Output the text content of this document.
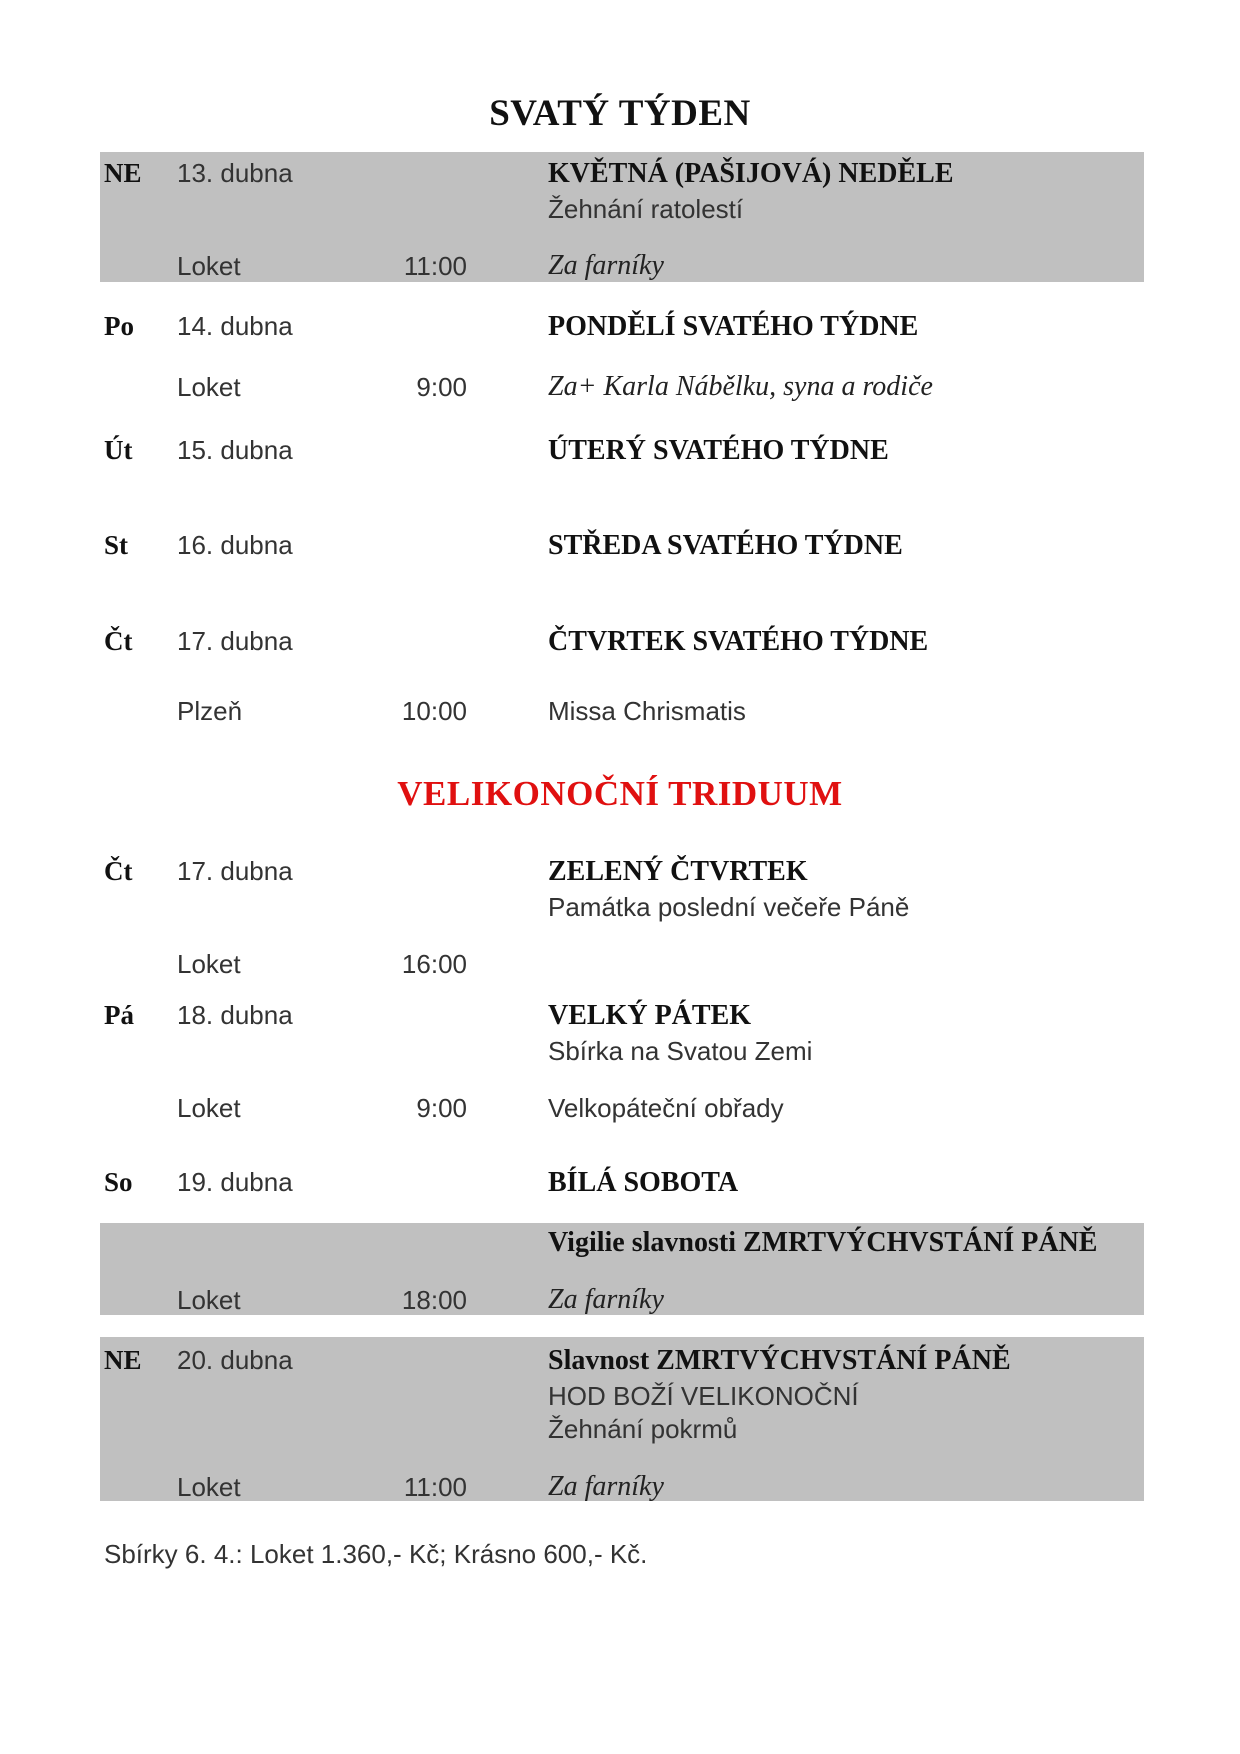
SVATÝ TÝDEN
NE 13. dubna	KVĚTNÁ (PAŠIJOVÁ) NEDĚLE
Žehnání ratolestí
Loket	11:00	Za farníky
Po 14. dubna	PONDĚLÍ SVATÉHO TÝDNE
Loket	9:00	Za+ Karla Nábělku, syna a rodiče
Út 15. dubna	ÚTERÝ SVATÉHO TÝDNE
St 16. dubna	STŘEDA SVATÉHO TÝDNE
Čt 17. dubna	ČTVRTEK SVATÉHO TÝDNE
Plzeň	10:00	Missa Chrismatis
VELIKONOČNÍ TRIDUUM
Čt 17. dubna	ZELENÝ ČTVRTEK
Památka poslední večeře Páně
Loket	16:00
Pá 18. dubna	VELKÝ PÁTEK
Sbírka na Svatou Zemi
Loket	9:00	Velkopáteční obřady
So 19. dubna	BÍLÁ SOBOTA
Vigilie slavnosti ZMRTVÝCHVSTÁNÍ PÁNĚ
Loket	18:00	Za farníky
NE 20. dubna	Slavnost ZMRTVÝCHVSTÁNÍ PÁNĚ
HOD BOŽÍ VELIKONOČNÍ
Žehnání pokrmů
Loket	11:00	Za farníky
Sbírky 6. 4.: Loket 1.360,- Kč; Krásno 600,- Kč.
